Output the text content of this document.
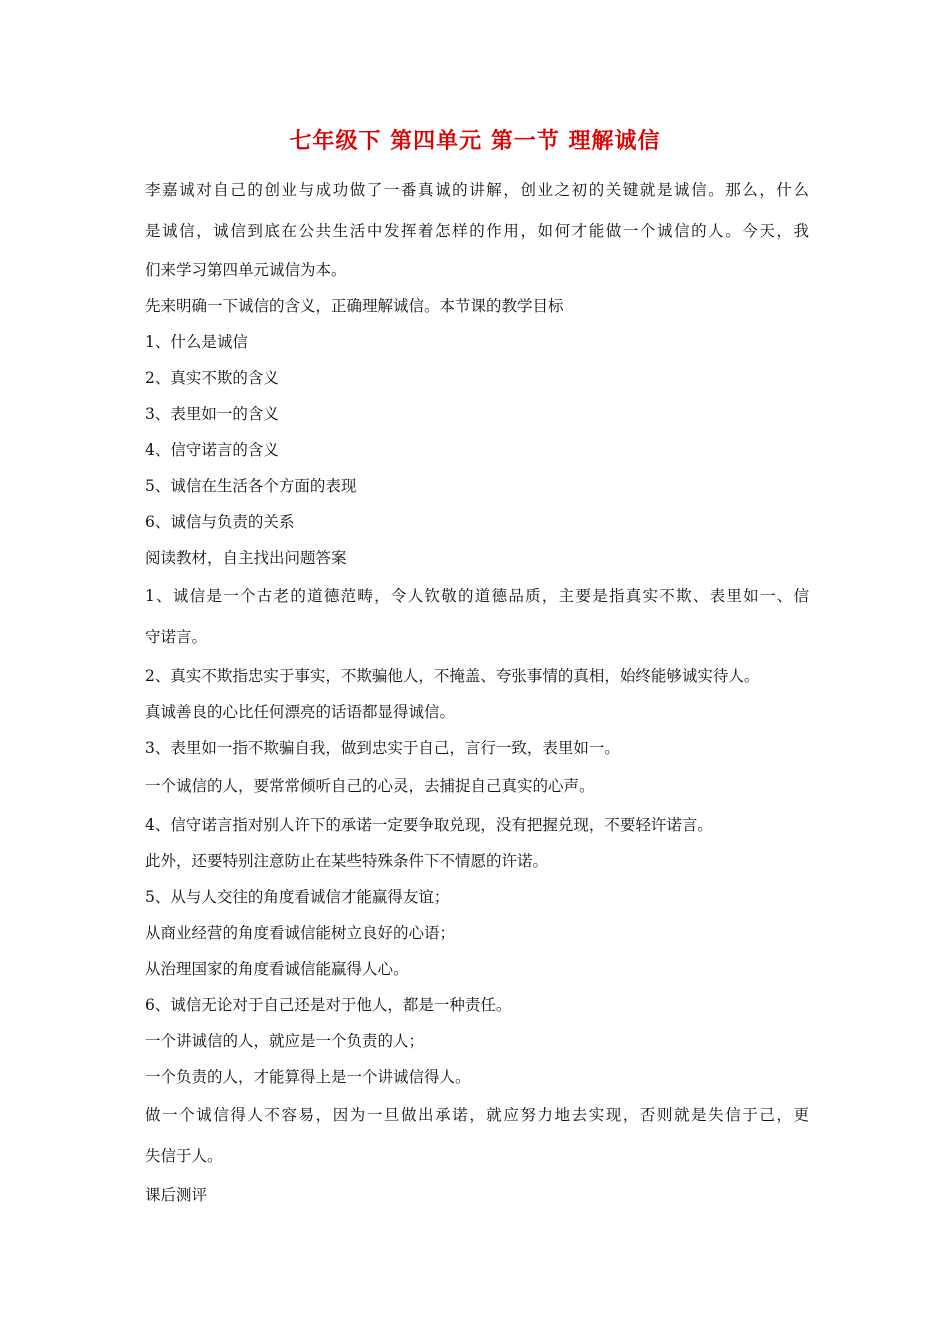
七年级下 第四单元 第一节 理解诚信
李嘉诚对自己的创业与成功做了一番真诚的讲解，创业之初的关键就是诚信。那么，什么
是诚信，诚信到底在公共生活中发挥着怎样的作用，如何才能做一个诚信的人。今天，我
们来学习第四单元诚信为本。
先来明确一下诚信的含义，正确理解诚信。本节课的教学目标
1、什么是诚信
2、真实不欺的含义
3、表里如一的含义
4、信守诺言的含义
5、诚信在生活各个方面的表现
6、诚信与负责的关系
阅读教材，自主找出问题答案
1、诚信是一个古老的道德范畴，令人钦敬的道德品质，主要是指真实不欺、表里如一、信
守诺言。
2、真实不欺指忠实于事实，不欺骗他人，不掩盖、夸张事情的真相，始终能够诚实待人。
真诚善良的心比任何漂亮的话语都显得诚信。
3、表里如一指不欺骗自我，做到忠实于自己，言行一致，表里如一。
一个诚信的人，要常常倾听自己的心灵，去捕捉自己真实的心声。
4、信守诺言指对别人许下的承诺一定要争取兑现，没有把握兑现，不要轻许诺言。
此外，还要特别注意防止在某些特殊条件下不情愿的许诺。
5、从与人交往的角度看诚信才能赢得友谊；
从商业经营的角度看诚信能树立良好的心语；
从治理国家的角度看诚信能赢得人心。
6、诚信无论对于自己还是对于他人，都是一种责任。
一个讲诚信的人，就应是一个负责的人；
一个负责的人，才能算得上是一个讲诚信得人。
做一个诚信得人不容易，因为一旦做出承诺，就应努力地去实现，否则就是失信于己，更
失信于人。
课后测评
